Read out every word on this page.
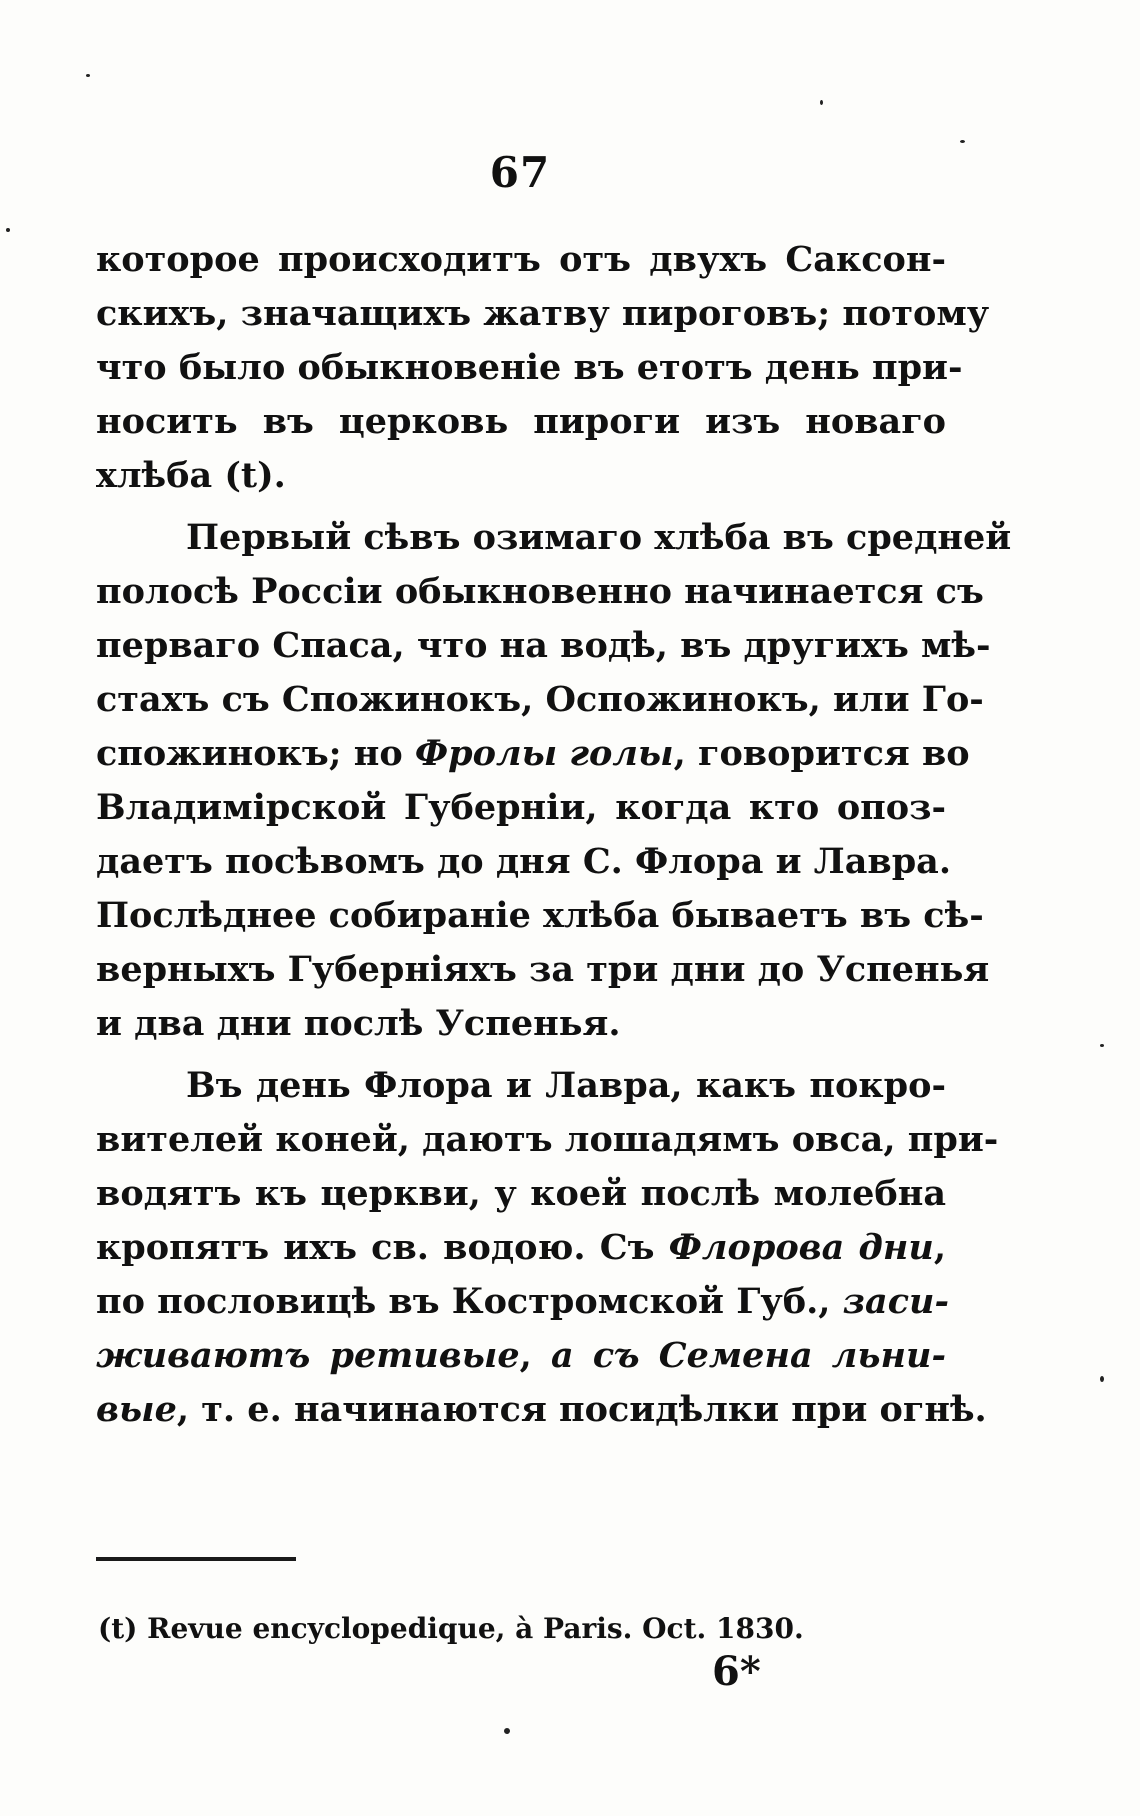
67
которое происходитъ отъ двухъ Саксон-
скихъ, значащихъ жатву пироговъ; потому
что было обыкновеніе въ етотъ день при-
носить въ церковь пироги изъ новаго
хлѣба (t).
Первый сѣвъ озимаго хлѣба въ средней
полосѣ Россіи обыкновенно начинается съ
перваго Спаса, что на водѣ, въ другихъ мѣ-
стахъ съ Спожинокъ, Оспожинокъ, или Го-
спожинокъ; но Фролы голы, говорится во
Владимірской Губерніи, когда кто опоз-
даетъ посѣвомъ до дня С. Флора и Лавра.
Послѣднее собираніе хлѣба бываетъ въ сѣ-
верныхъ Губерніяхъ за три дни до Успенья
и два дни послѣ Успенья.
Въ день Флора и Лавра, какъ покро-
вителей коней, даютъ лошадямъ овса, при-
водятъ къ церкви, у коей послѣ молебна
кропятъ ихъ св. водою. Съ Флорова дни,
по пословицѣ въ Костромской Губ., заси-
живаютъ ретивые, а съ Семена льни-
вые, т. е. начинаются посидѣлки при огнѣ.
(t) Revue encyclopedique, à Paris. Oct. 1830.
6*
